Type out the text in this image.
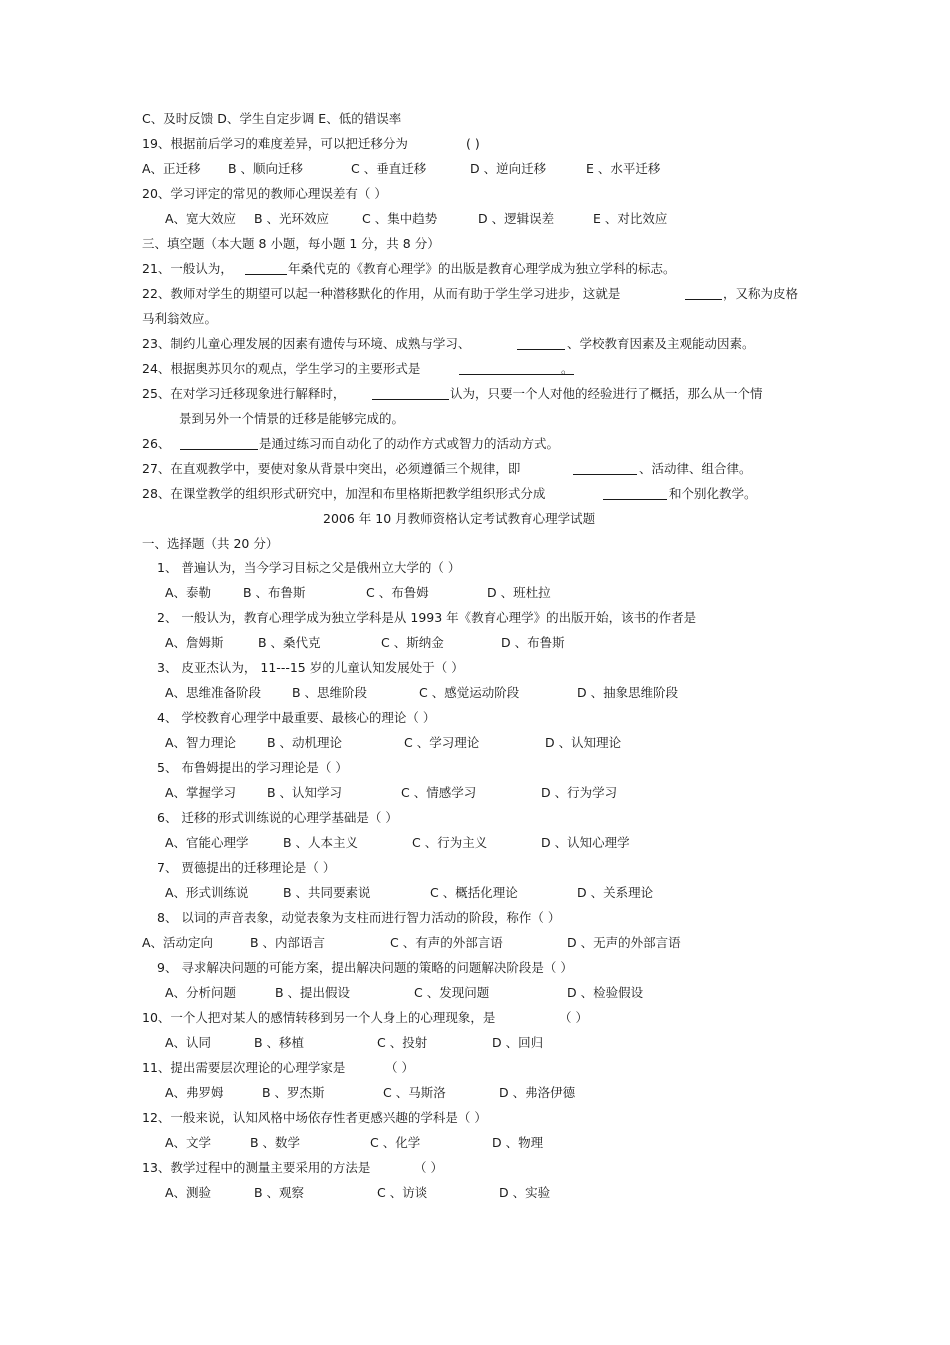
C、及时反馈 D、学生自定步调 E、低的错误率
19、根据前后学习的难度差异，可以把迁移分为	( )
A、正迁移 B 、顺向迁移	C 、垂直迁移	D 、逆向迁移	E 、水平迁移
20、学习评定的常见的教师心理误差有（ ）
A、宽大效应 B 、光环效应	C 、集中趋势	D 、逻辑误差	E 、对比效应
三、填空题（本大题 8 小题，每小题 1 分，共 8 分）
21、一般认为，	年桑代克的《教育心理学》的出版是教育心理学成为独立学科的标志。
22、教师对学生的期望可以起一种潜移默化的作用，从而有助于学生学习进步，这就是	，又称为皮格
马利翁效应。
23、制约儿童心理发展的因素有遗传与环境、成熟与学习、	、学校教育因素及主观能动因素。
24、根据奥苏贝尔的观点，学生学习的主要形式是	。
25、在对学习迁移现象进行解释时，	认为，只要一个人对他的经验进行了概括，那么从一个情
景到另外一个情景的迁移是能够完成的。
26、	是通过练习而自动化了的动作方式或智力的活动方式。
27、在直观教学中，要使对象从背景中突出，必须遵循三个规律，即	、活动律、组合律。
28、在课堂教学的组织形式研究中，加涅和布里格斯把教学组织形式分成	和个别化教学。
2006 年 10 月教师资格认定考试教育心理学试题
一、选择题（共 20 分）
1、 普遍认为，当今学习目标之父是俄州立大学的（ ）
A、泰勒	B 、布鲁斯	C 、布鲁姆	D 、班杜拉
2、 一般认为，教育心理学成为独立学科是从 1993 年《教育心理学》的出版开始，该书的作者是
A、詹姆斯	B 、桑代克	C 、斯纳金	D 、布鲁斯
3、 皮亚杰认为， 11---15 岁的儿童认知发展处于（ ）
A、思维准备阶段 B 、思维阶段	C 、感觉运动阶段	D 、抽象思维阶段
4、 学校教育心理学中最重要、最核心的理论（ ）
A、智力理论 B 、动机理论	C 、学习理论	D 、认知理论
5、 布鲁姆提出的学习理论是（ ）
A、掌握学习 B 、认知学习	C 、情感学习	D 、行为学习
6、 迁移的形式训练说的心理学基础是（ ）
A、官能心理学	B 、人本主义	C 、行为主义	D 、认知心理学
7、 贾德提出的迁移理论是（ ）
A、形式训练说	B 、共同要素说	C 、概括化理论	D 、关系理论
8、 以词的声音表象，动觉表象为支柱而进行智力活动的阶段，称作（ ）
A、活动定向	B 、内部语言	C 、有声的外部言语	D 、无声的外部言语
9、 寻求解决问题的可能方案，提出解决问题的策略的问题解决阶段是（ ）
A、分析问题	B 、提出假设	C 、发现问题	D 、检验假设
10、一个人把对某人的感情转移到另一个人身上的心理现象，是	（ ）
A、认同	B 、移植	C 、投射	D 、回归
11、提出需要层次理论的心理学家是	（ ）
A、弗罗姆	B 、罗杰斯	C 、马斯洛	D 、弗洛伊德
12、一般来说，认知风格中场依存性者更感兴趣的学科是（ ）
A、文学	B 、数学	C 、化学	D 、物理
13、教学过程中的测量主要采用的方法是	（ ）
A、测验	B 、观察	C 、访谈	D 、实验
